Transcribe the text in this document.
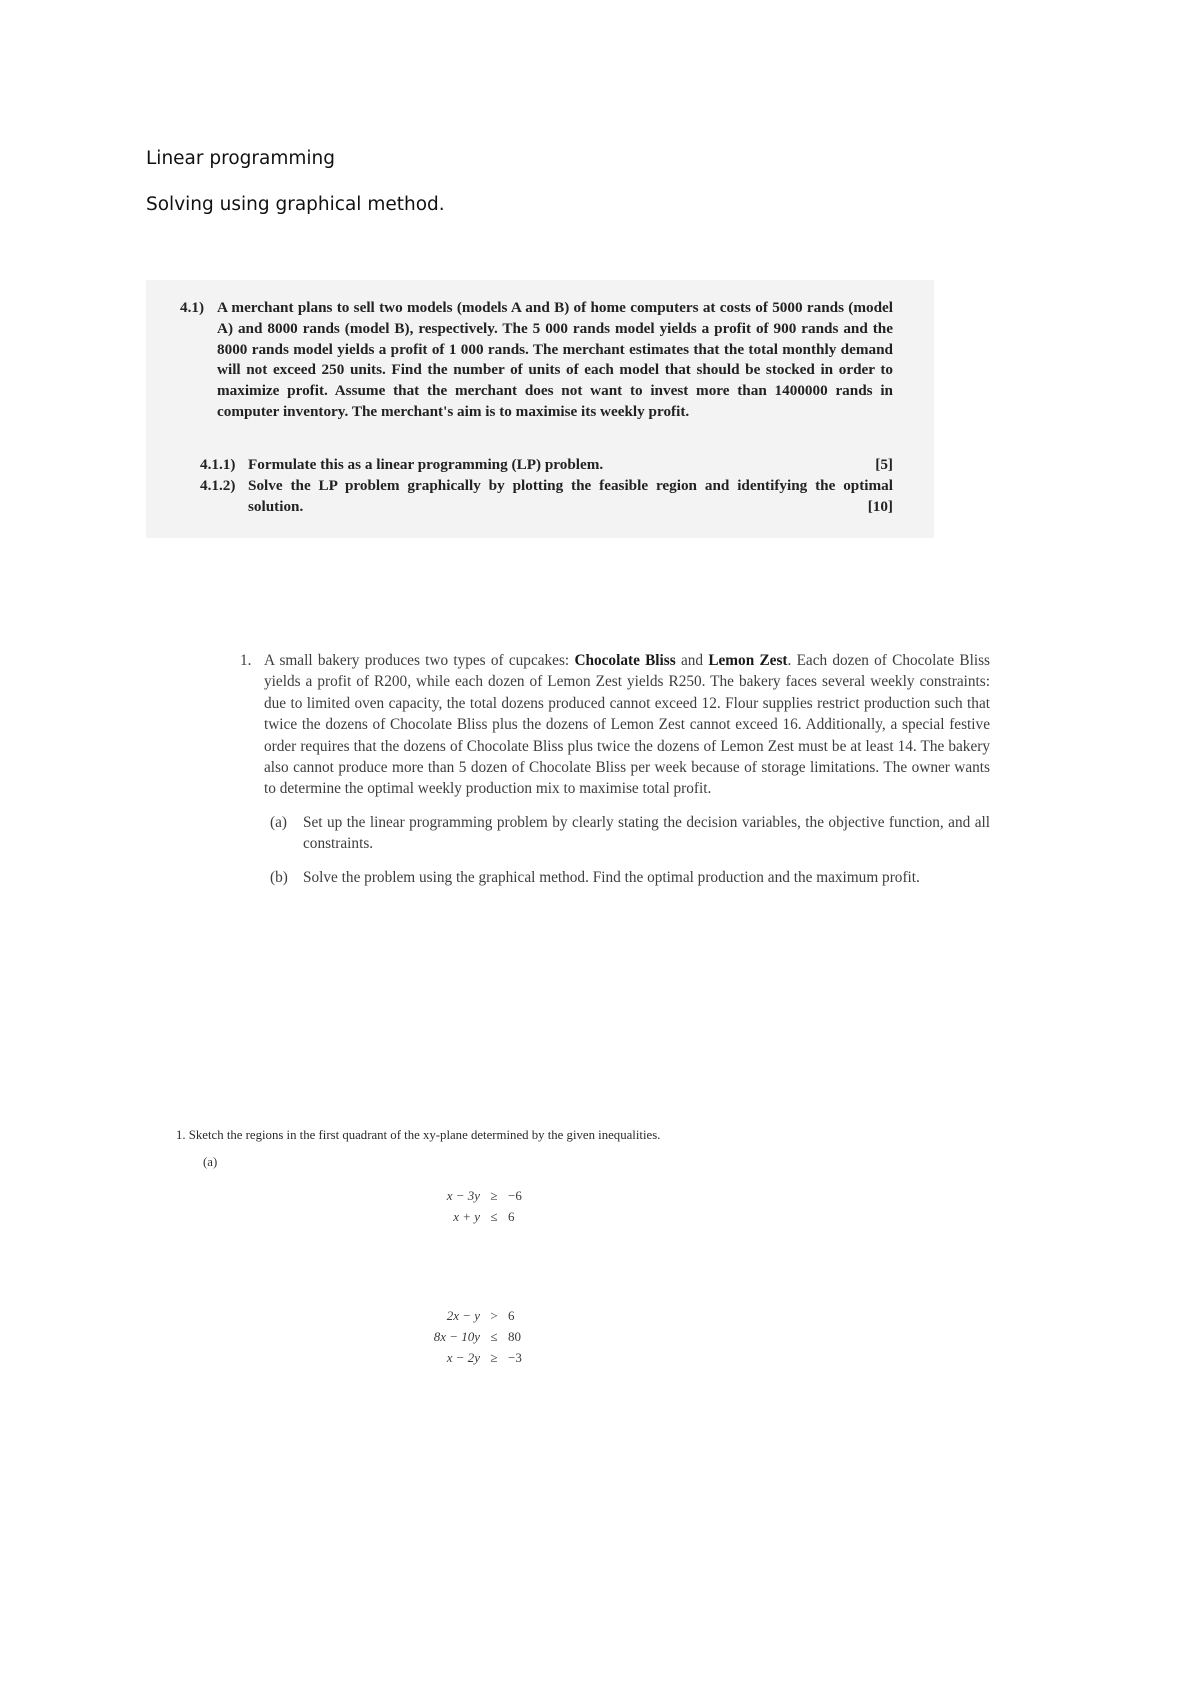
Linear programming
Solving using graphical method.
4.1) A merchant plans to sell two models (models A and B) of home computers at costs of 5000 rands (model A) and 8000 rands (model B), respectively. The 5 000 rands model yields a profit of 900 rands and the 8000 rands model yields a profit of 1 000 rands. The merchant estimates that the total monthly demand will not exceed 250 units. Find the number of units of each model that should be stocked in order to maximize profit. Assume that the merchant does not want to invest more than 1400000 rands in computer inventory. The merchant's aim is to maximise its weekly profit.
4.1.1) Formulate this as a linear programming (LP) problem.	[5]
4.1.2) Solve the LP problem graphically by plotting the feasible region and identifying the optimal solution.	[10]
1. A small bakery produces two types of cupcakes: Chocolate Bliss and Lemon Zest. Each dozen of Chocolate Bliss yields a profit of R200, while each dozen of Lemon Zest yields R250. The bakery faces several weekly constraints: due to limited oven capacity, the total dozens produced cannot exceed 12. Flour supplies restrict production such that twice the dozens of Chocolate Bliss plus the dozens of Lemon Zest cannot exceed 16. Additionally, a special festive order requires that the dozens of Chocolate Bliss plus twice the dozens of Lemon Zest must be at least 14. The bakery also cannot produce more than 5 dozen of Chocolate Bliss per week because of storage limitations. The owner wants to determine the optimal weekly production mix to maximise total profit.
(a) Set up the linear programming problem by clearly stating the decision variables, the objective function, and all constraints.
(b) Solve the problem using the graphical method. Find the optimal production and the maximum profit.
1. Sketch the regions in the first quadrant of the xy-plane determined by the given inequalities.
(a)
x − 3y ≥ −6
x + y ≤ 6
2x − y > 6
8x − 10y ≤ 80
x − 2y ≥ −3
